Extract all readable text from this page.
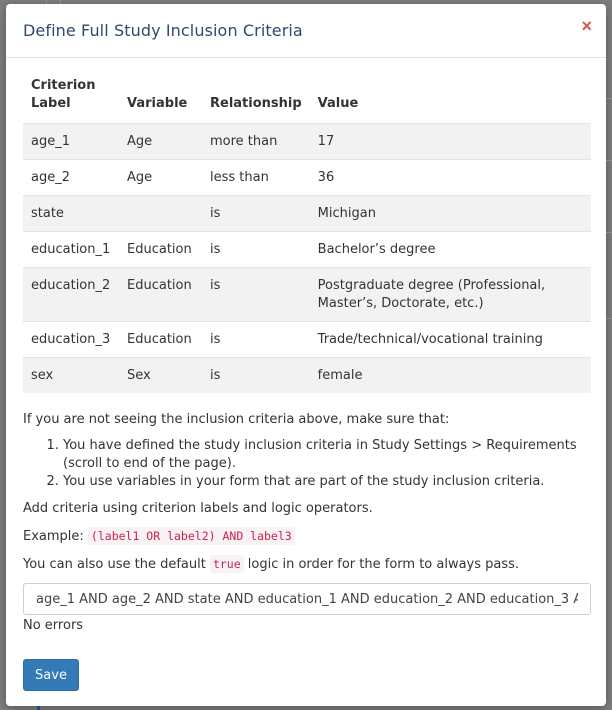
Define Full Study Inclusion Criteria	×
Criterion Label	Variable	Relationship	Value
age_1	Age	more than	17
age_2	Age	less than	36
state		is	Michigan
education_1	Education	is	Bachelor’s degree
education_2	Education	is	Postgraduate degree (Professional, Master’s, Doctorate, etc.)
education_3	Education	is	Trade/technical/vocational training
sex	Sex	is	female

If you are not seeing the inclusion criteria above, make sure that:

1. You have defined the study inclusion criteria in Study Settings > Requirements (scroll to end of the page).
2. You use variables in your form that are part of the study inclusion criteria.

Add criteria using criterion labels and logic operators.

Example: (label1 OR label2) AND label3

You can also use the default true logic in order for the form to always pass.

age_1 AND age_2 AND state AND education_1 AND education_2 AND education_3 AND sex
No errors
Save
